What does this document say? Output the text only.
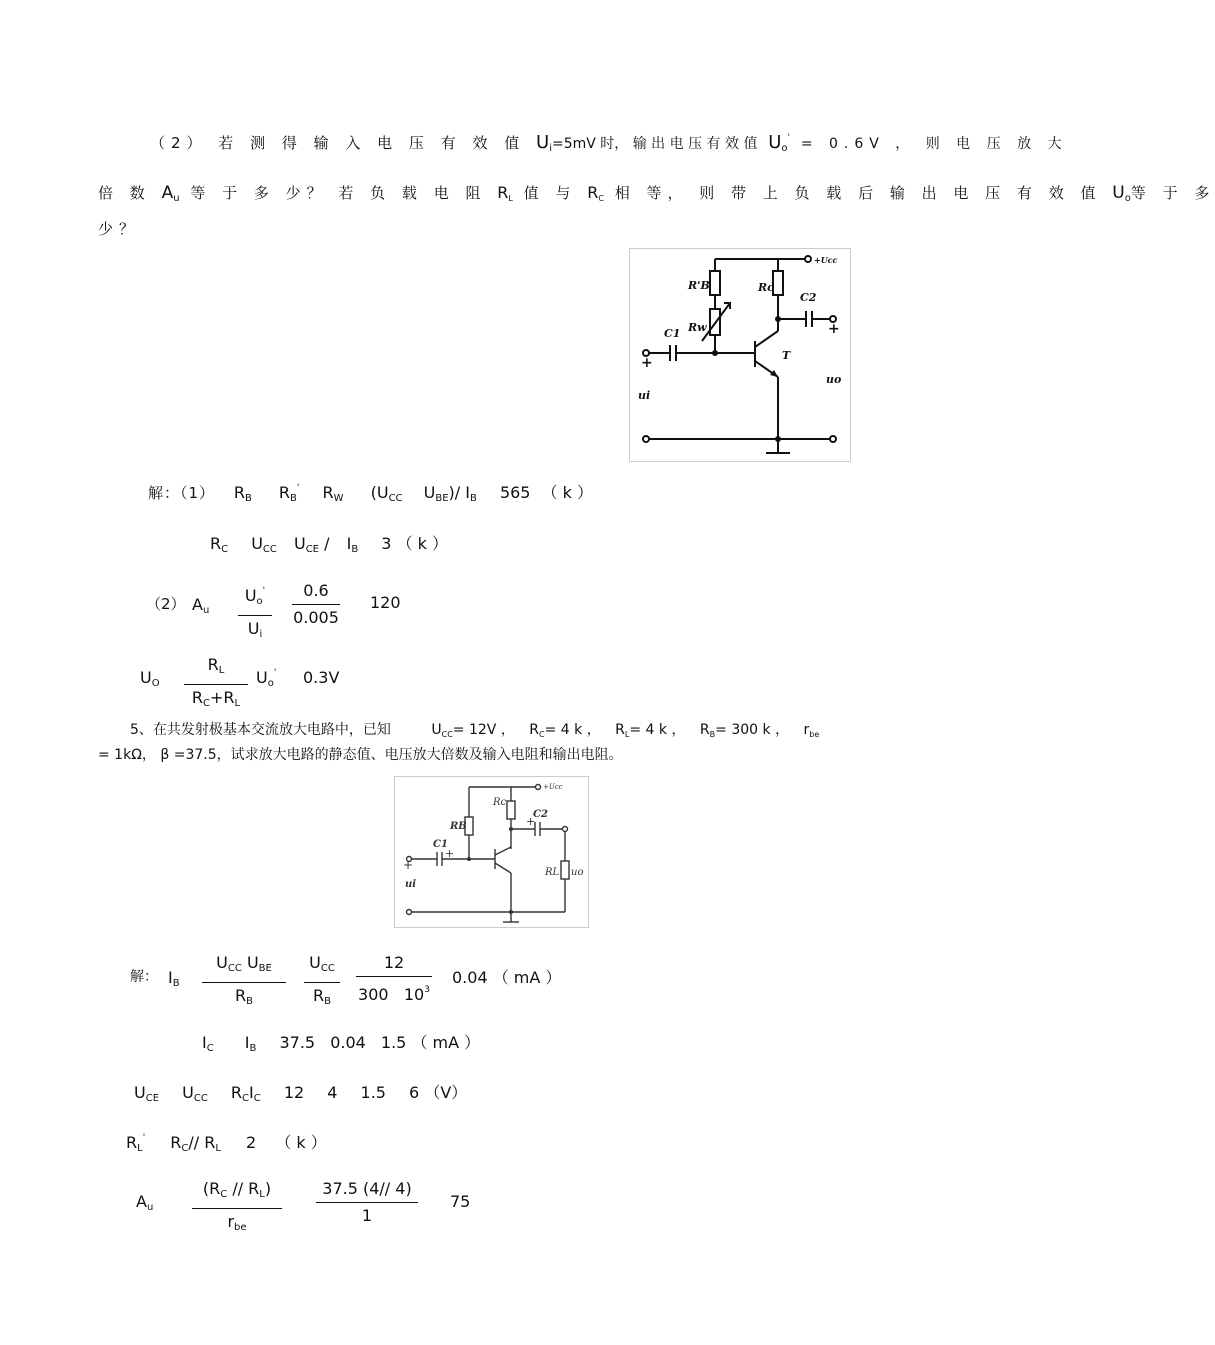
（2） 若 测 得 输 入 电 压 有 效 值 $U_i=5mV$ 时， 输 出 电 压 有 效 值 $U_o' = 0.6V$ ， 则 电 压 放 大
倍 数 $A_u$ 等 于 多 少？ 若 负 载 电 阻 $R_L$ 值 与 $R_C$ 相 等， 则 带 上 负 载 后 输 出 电 压 有 效 值 $U_o$等 于 多
少？
R'B	Rc
Rw
C1
C2
T
+Ucc
ui
uo
+
+
解：（1） $R_B$ $R_B'$ $R_W$ ($U_{CC}$ $U_{BE})/$ $I_B$ 565 （ k ）
$R_C$ $U_{CC}$ $U_{CE} / I_B$ 3 （ k ）
（2） $A_u$
$U_o'$
$U_i$
0.6
0.005
120
$U_O$
$R_L$
$R_C+R_L$
$U_o'$ 0.3V
5、在共发射极基本交流放大电路中，已知	$U_{CC}= 12V$ ， $R_C= 4$ k ， $R_L= 4$ k ， $R_B= 300$ k ， $r_{be}$
= 1kΩ， β =37.5，试求放大电路的静态值、电压放大倍数及输入电阻和输出电阻。
RB
Rc
C1
C2
RL uo
ui
+Ucc
+
+
+
解： $I_B$
$U_{CC}$ $U_{BE}$
$R_B$
$U_{CC}$
$R_B$
12
300 $10^3$
0.04 （ mA ）
$I_C$ $I_B$ 37.5 0.04 1.5 （ mA ）
$U_{CE}$ $U_{CC}$ $R_CI_C$ 12 4 1.5 6 （V）
$R_L'$ $R_C//$ $R_L$ 2 （ k ）
$A_u$
$(R_C // R_L)$
$r_{be}$
37.5 (4// 4)
1
75
